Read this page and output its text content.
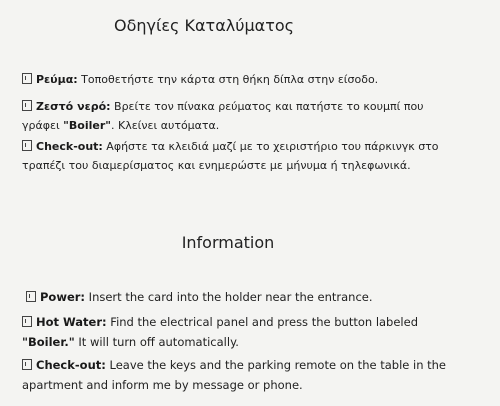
Οδηγίες Καταλύματος
Ρεύμα: Τοποθετήστε την κάρτα στη θήκη δίπλα στην είσοδο.
Ζεστό νερό: Βρείτε τον πίνακα ρεύματος και πατήστε το κουμπί που γράφει "Boiler". Κλείνει αυτόματα.
Check-out: Αφήστε τα κλειδιά μαζί με το χειριστήριο του πάρκινγκ στο τραπέζι του διαμερίσματος και ενημερώστε με μήνυμα ή τηλεφωνικά.
Information
Power: Insert the card into the holder near the entrance.
Hot Water: Find the electrical panel and press the button labeled "Boiler." It will turn off automatically.
Check-out: Leave the keys and the parking remote on the table in the apartment and inform me by message or phone.
